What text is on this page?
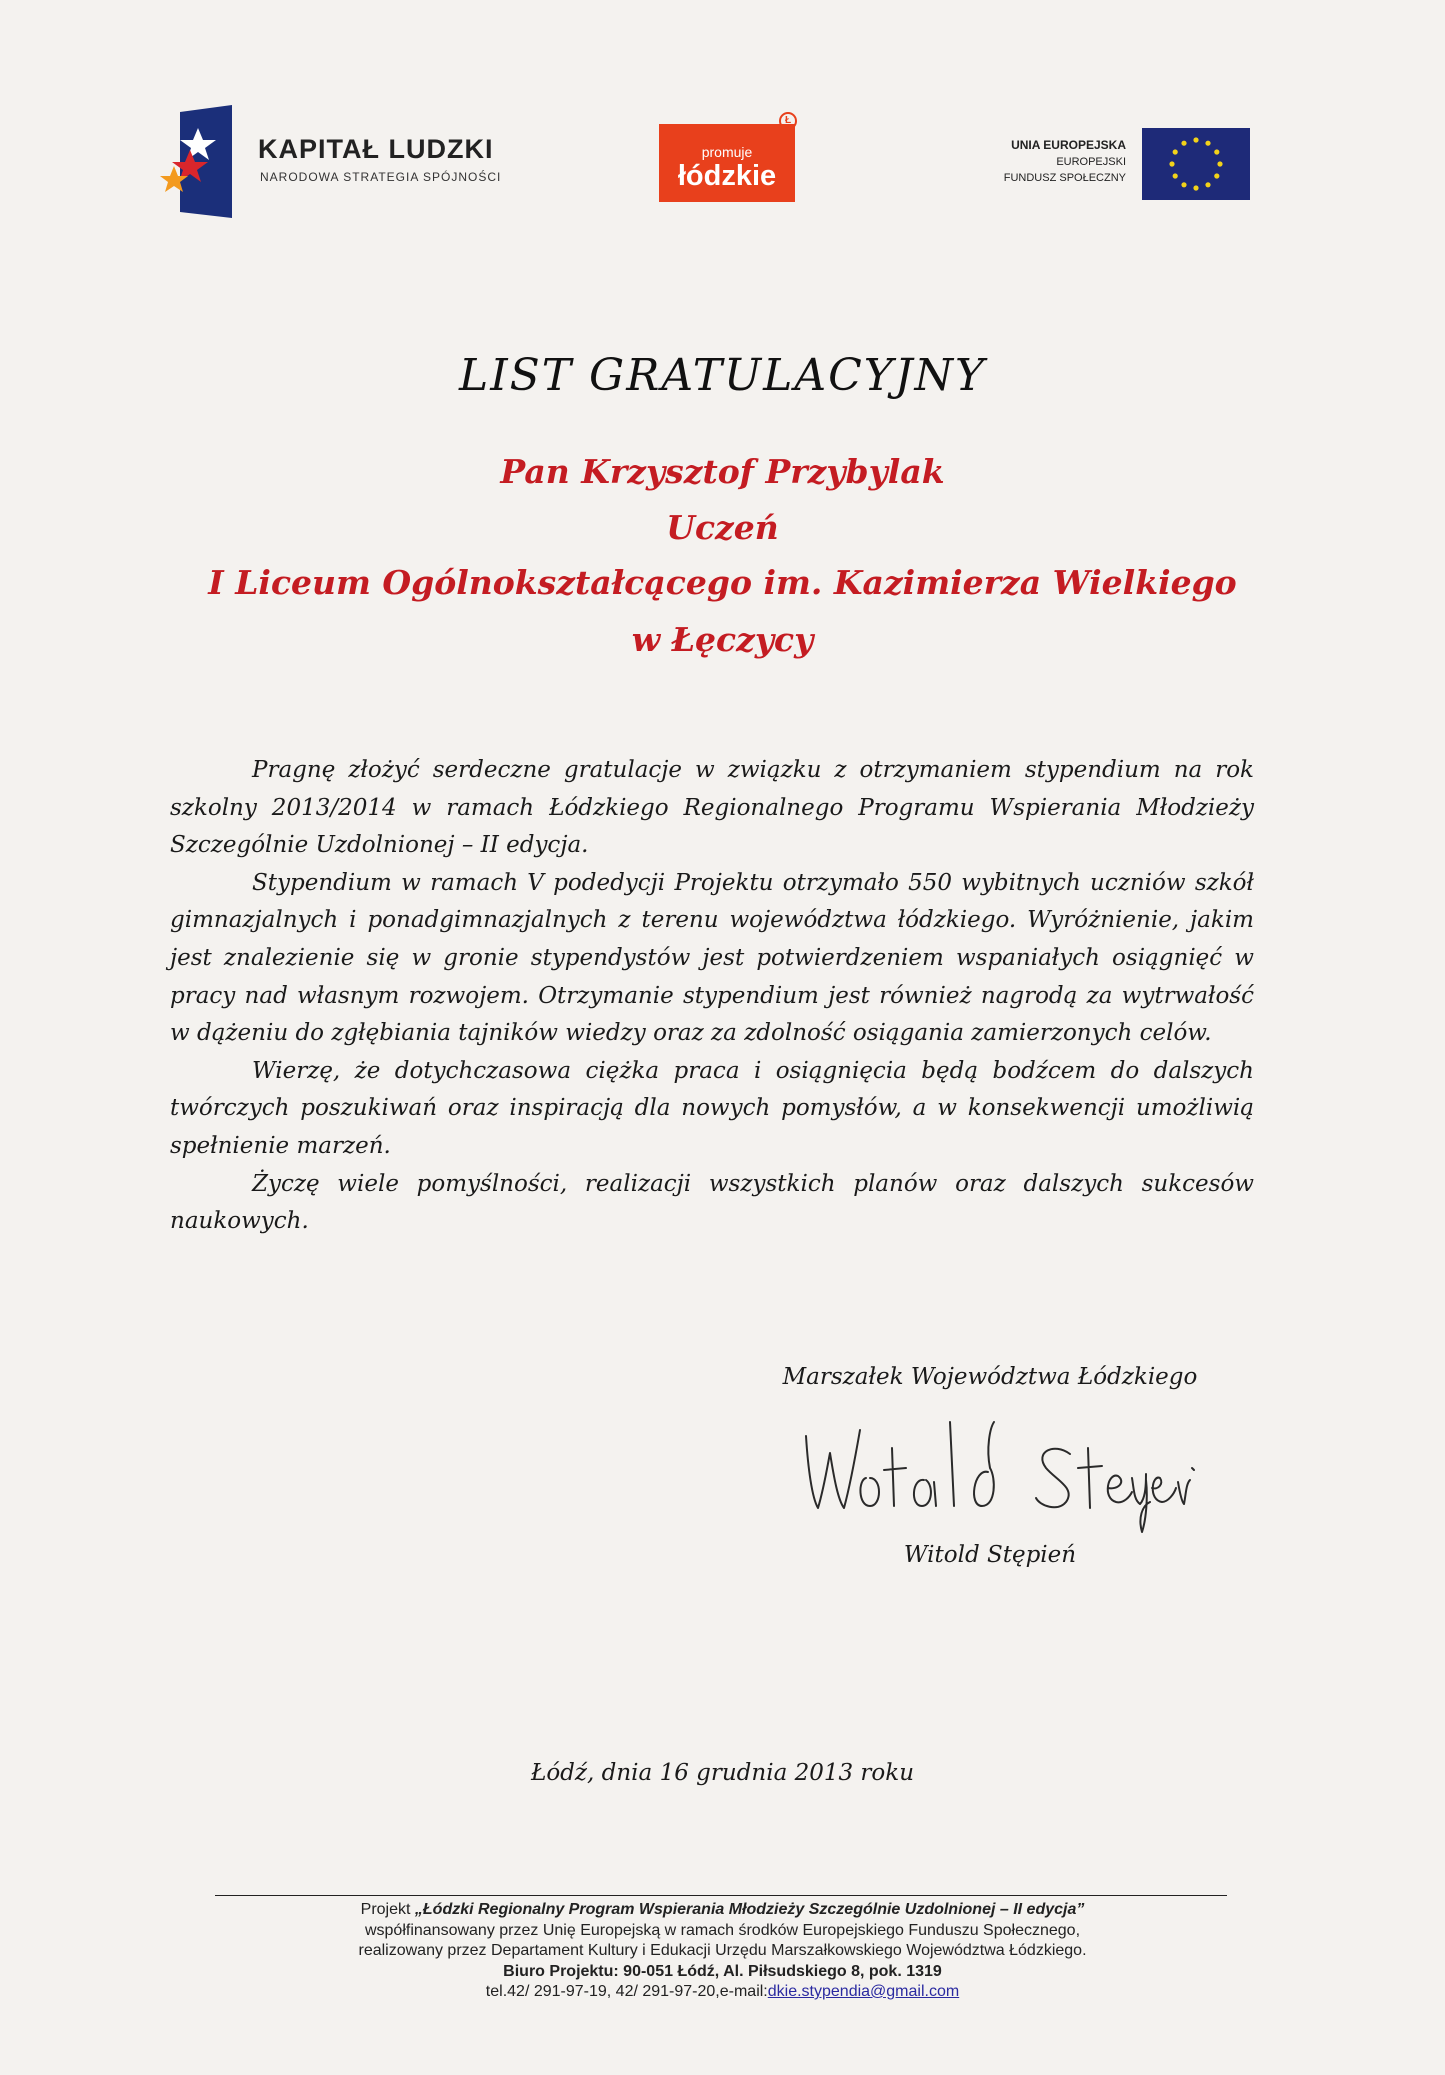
KAPITAŁ LUDZKI
NARODOWA STRATEGIA SPÓJNOŚCI
promuje
łódzkie
Ł
UNIA EUROPEJSKA
EUROPEJSKI
FUNDUSZ SPOŁECZNY
LIST GRATULACYJNY
Pan Krzysztof Przybylak
Uczeń
I Liceum Ogólnokształcącego im. Kazimierza Wielkiego
w Łęczycy

Pragnę złożyć serdeczne gratulacje w związku z otrzymaniem stypendium na rok szkolny 2013/2014 w ramach Łódzkiego Regionalnego Programu Wspierania Młodzieży Szczególnie Uzdolnionej – II edycja.

Stypendium w ramach V podedycji Projektu otrzymało 550 wybitnych uczniów szkół gimnazjalnych i ponadgimnazjalnych z terenu województwa łódzkiego. Wyróżnienie, jakim jest znalezienie się w gronie stypendystów jest potwierdzeniem wspaniałych osiągnięć w pracy nad własnym rozwojem. Otrzymanie stypendium jest również nagrodą za wytrwałość w dążeniu do zgłębiania tajników wiedzy oraz za zdolność osiągania zamierzonych celów.

Wierzę, że dotychczasowa ciężka praca i osiągnięcia będą bodźcem do dalszych twórczych poszukiwań oraz inspiracją dla nowych pomysłów, a w konsekwencji umożliwią spełnienie marzeń.

Życzę wiele pomyślności, realizacji wszystkich planów oraz dalszych sukcesów naukowych.

Marszałek Województwa Łódzkiego
Witold Stępień
Łódź, dnia 16 grudnia 2013 roku
Projekt „Łódzki Regionalny Program Wspierania Młodzieży Szczególnie Uzdolnionej – II edycja”
współfinansowany przez Unię Europejską w ramach środków Europejskiego Funduszu Społecznego,
realizowany przez Departament Kultury i Edukacji Urzędu Marszałkowskiego Województwa Łódzkiego.
Biuro Projektu: 90-051 Łódź, Al. Piłsudskiego 8, pok. 1319
tel.42/ 291-97-19, 42/ 291-97-20,e-mail:dkie.stypendia@gmail.com
